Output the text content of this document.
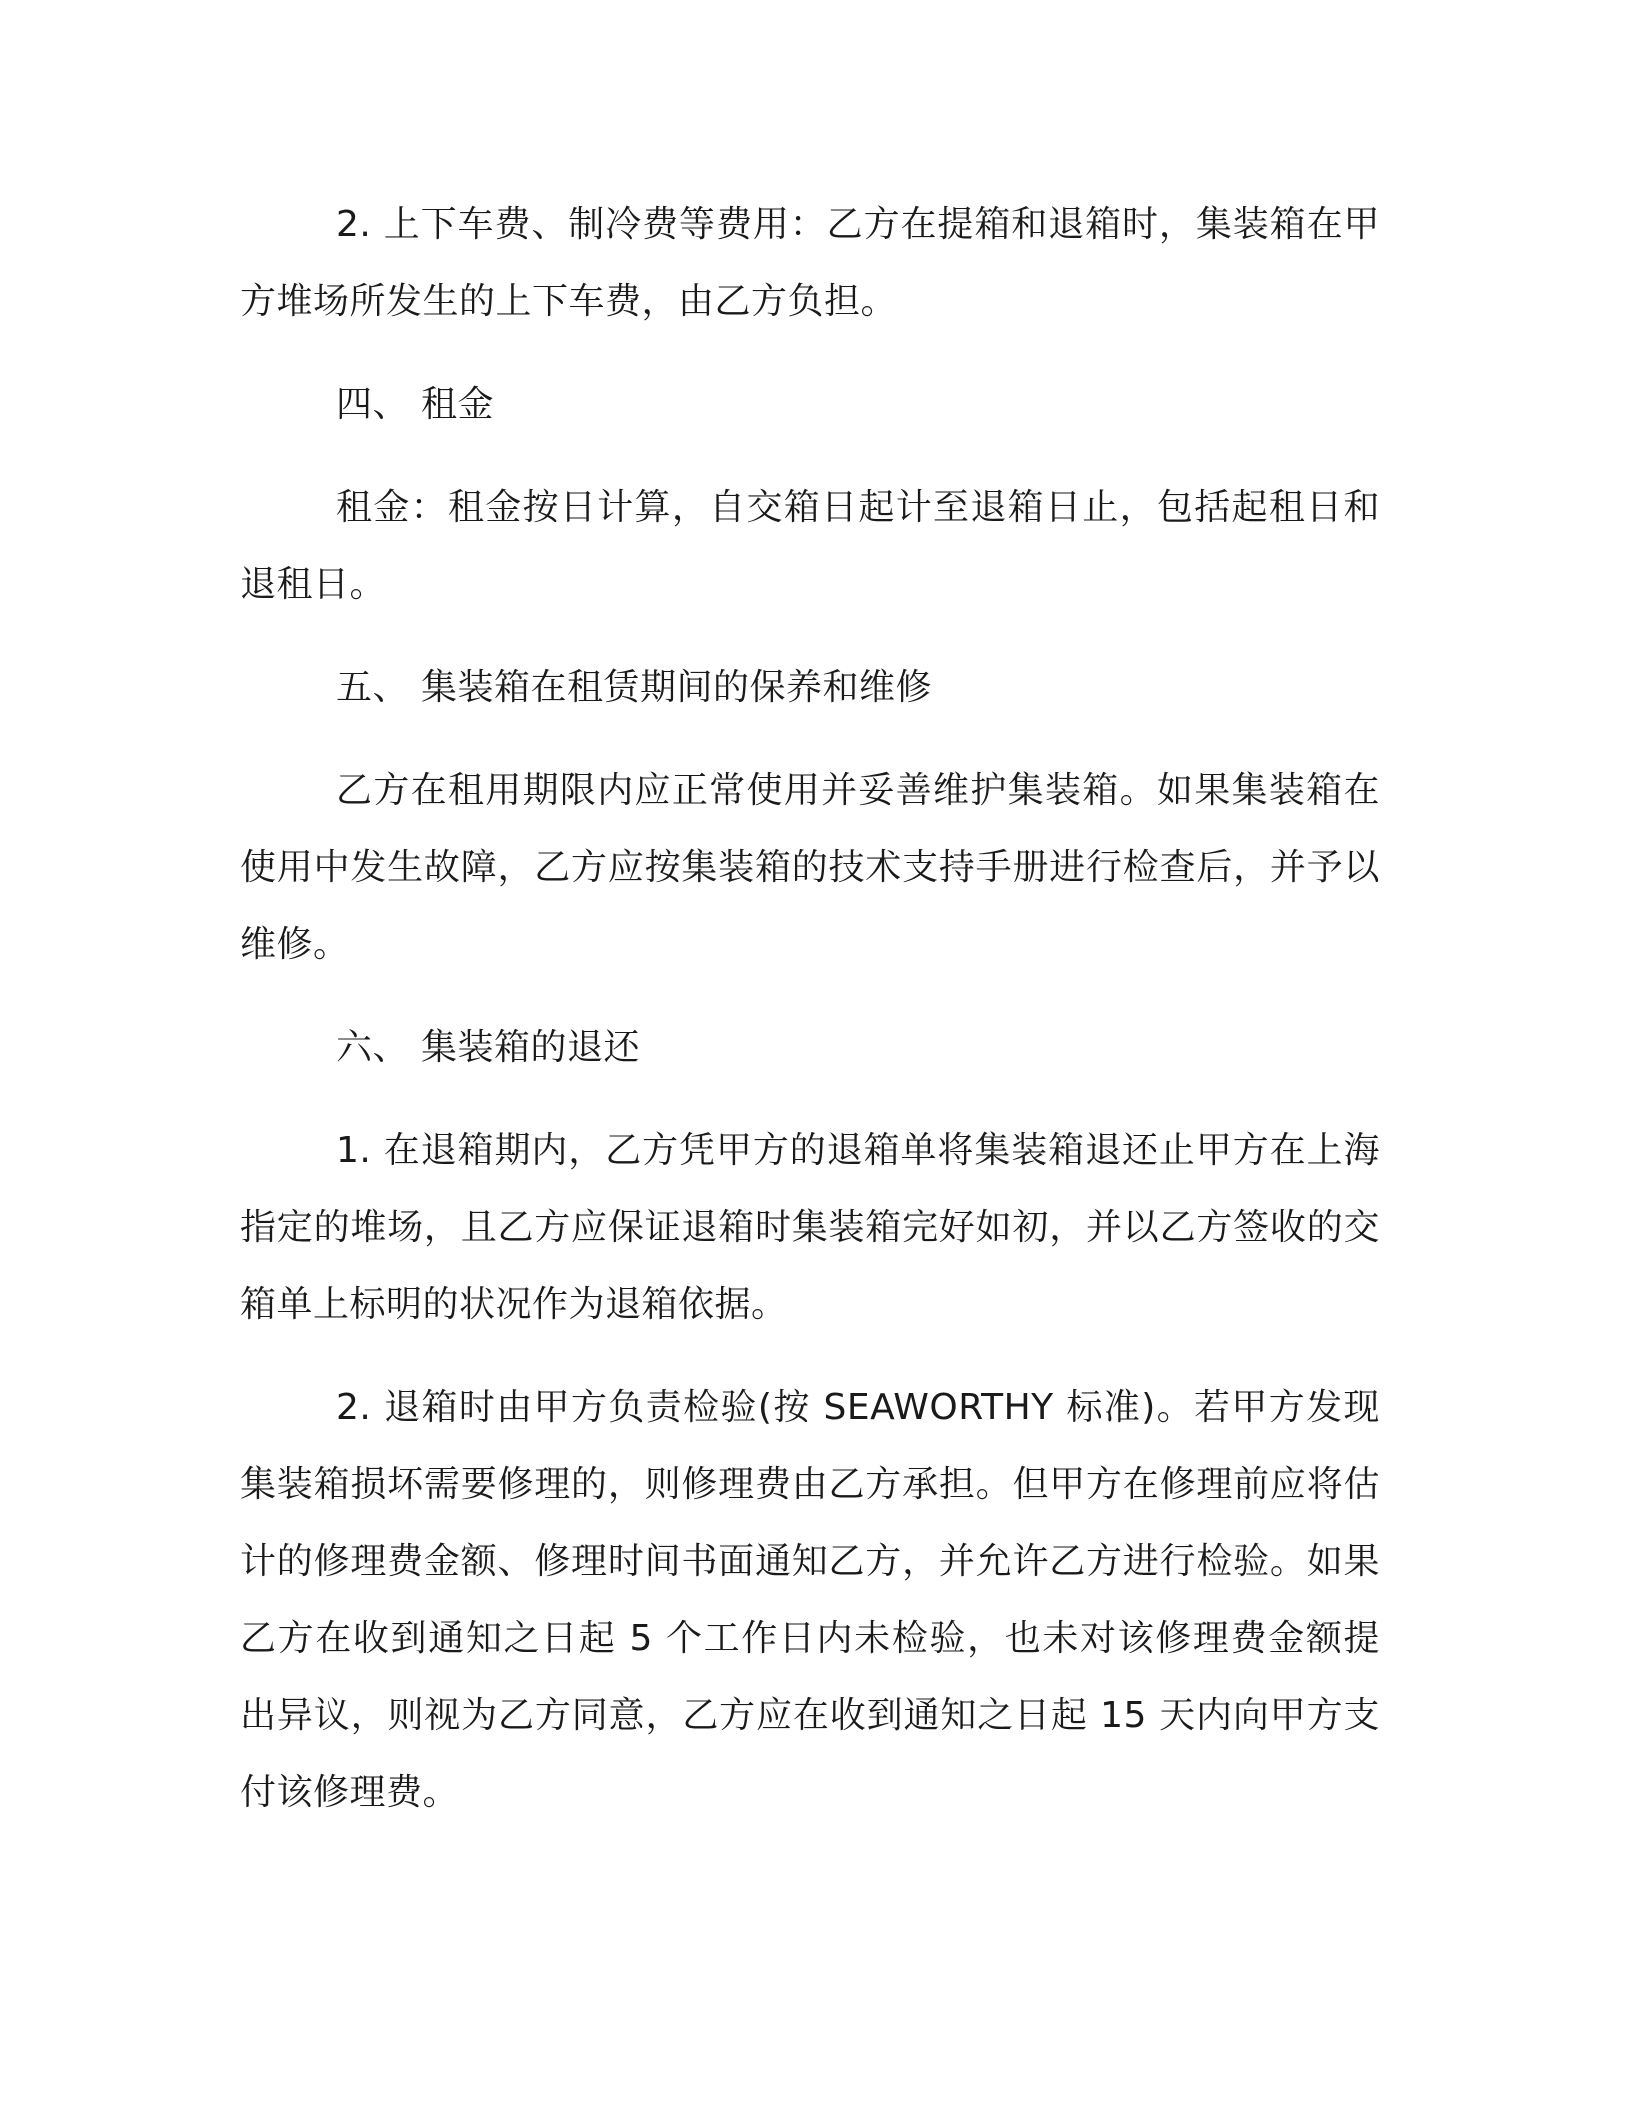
2. 上下车费、制冷费等费用：乙方在提箱和退箱时，集装箱在甲方堆场所发生的上下车费，由乙方负担。

四、 租金

租金：租金按日计算，自交箱日起计至退箱日止，包括起租日和退租日。

五、 集装箱在租赁期间的保养和维修

乙方在租用期限内应正常使用并妥善维护集装箱。如果集装箱在使用中发生故障，乙方应按集装箱的技术支持手册进行检查后，并予以维修。

六、 集装箱的退还

1. 在退箱期内，乙方凭甲方的退箱单将集装箱退还止甲方在上海指定的堆场，且乙方应保证退箱时集装箱完好如初，并以乙方签收的交箱单上标明的状况作为退箱依据。

2. 退箱时由甲方负责检验(按 SEAWORTHY 标准)。若甲方发现集装箱损坏需要修理的，则修理费由乙方承担。但甲方在修理前应将估计的修理费金额、修理时间书面通知乙方，并允许乙方进行检验。如果乙方在收到通知之日起 5 个工作日内未检验，也未对该修理费金额提出异议，则视为乙方同意，乙方应在收到通知之日起 15 天内向甲方支付该修理费。
